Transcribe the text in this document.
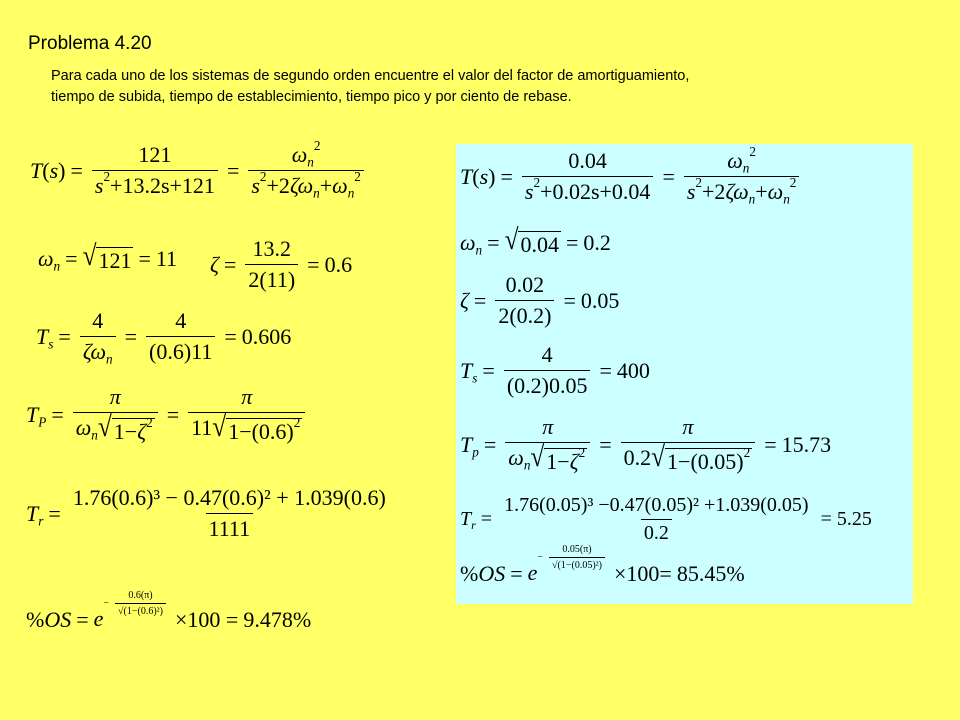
Problema 4.20
Para cada uno de los sistemas de segundo orden encuentre el valor del factor de amortiguamiento,
tiempo de subida, tiempo de establecimiento, tiempo pico y por ciento de rebase.
$T(s) = \frac{121}{s^2+13.2s+121} = \frac{\omega_n^2}{s^2+2\zeta\omega_n+\omega_n^2}$
$\omega_n$ = √ 121 = 11 $\zeta = \frac{13.2}{2(11)} = 0.6$
$T_s = \frac{4}{\zeta\omega_n} = \frac{4}{(0.6)11} = 0.606$
$T_P = \frac{\pi}{\omega_n √ 1-\zeta^2} = \frac{\pi}{11 √ 1-(0.6)^2}$
$T_r = \frac{\text{1.76(0.6)³ − 0.47(0.6)² + 1.039(0.6)}}{1111}$
%OS = e
− $\frac{0.6(\pi)}{\text{√(1−(0.6)²)}}$
×100 = 9.478%
$T(s) = \frac{0.04}{s^2+0.02s+0.04} = \frac{\omega_n^2}{s^2+2\zeta\omega_n+\omega_n^2}$
$\omega_n$ = √ 0.04 = 0.2
$\zeta = \frac{0.02}{2(0.2)} = 0.05$
$T_s = \frac{4}{(0.2)0.05} = 400$
$T_p = \frac{\pi}{\omega_n √ 1-\zeta^2} = \frac{\pi}{0.2 √ 1-(0.05)^2} = 15.73$
$T_r = \frac{\text{1.76(0.05)³ −0.47(0.05)² +1.039(0.05)}}{0.2} = 5.25$
%OS = e
− $\frac{0.05(\pi)}{\text{√(1−(0.05)²)}}$
×100= 85.45%
